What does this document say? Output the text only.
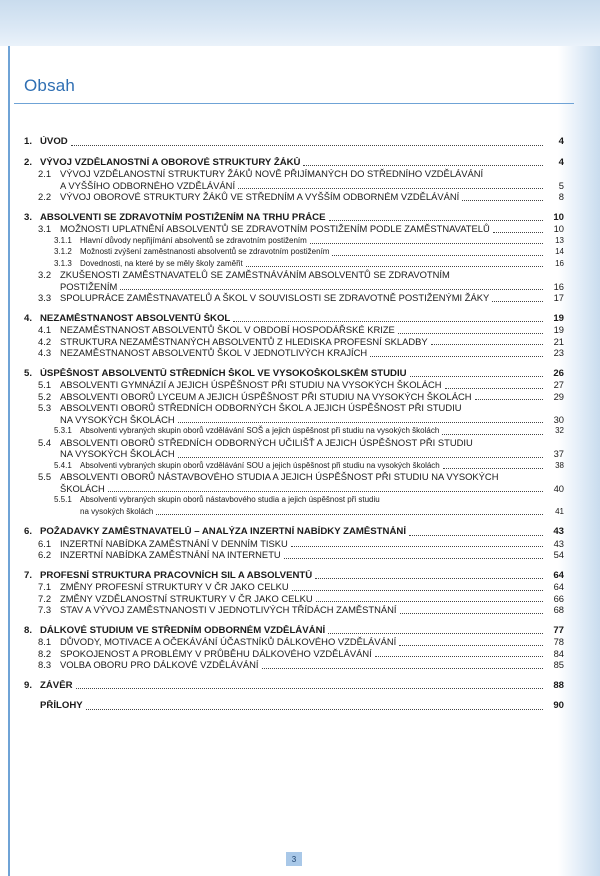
Obsah
1. ÚVOD	4
2. VÝVOJ VZDĚLANOSTNÍ A OBOROVÉ STRUKTURY ŽÁKŮ	4
2.1 VÝVOJ VZDĚLANOSTNÍ STRUKTURY ŽÁKŮ NOVĚ PŘIJÍMANÝCH DO STŘEDNÍHO VZDĚLÁVÁNÍ
A VYŠŠÍHO ODBORNÉHO VZDĚLÁVÁNÍ	5
2.2 VÝVOJ OBOROVÉ STRUKTURY ŽÁKŮ VE STŘEDNÍM A VYŠŠÍM ODBORNÉM VZDĚLÁVÁNÍ	8
3. ABSOLVENTI SE ZDRAVOTNÍM POSTIŽENÍM NA TRHU PRÁCE	10
3.1 MOŽNOSTI UPLATNĚNÍ ABSOLVENTŮ SE ZDRAVOTNÍM POSTIŽENÍM PODLE ZAMĚSTNAVATELŮ	10
3.1.1	Hlavní důvody nepřijímání absolventů se zdravotním postižením	13
3.1.2	Možnosti zvýšení zaměstnanosti absolventů se zdravotním postižením	14
3.1.3	Dovednosti, na které by se měly školy zaměřit	16
3.2 ZKUŠENOSTI ZAMĚSTNAVATELŮ SE ZAMĚSTNÁVÁNÍM ABSOLVENTŮ SE ZDRAVOTNÍM
POSTIŽENÍM	16
3.3 SPOLUPRÁCE ZAMĚSTNAVATELŮ A ŠKOL V SOUVISLOSTI SE ZDRAVOTNĚ POSTIŽENÝMI ŽÁKY	17
4. NEZAMĚSTNANOST ABSOLVENTŮ ŠKOL	19
4.1 NEZAMĚSTNANOST ABSOLVENTŮ ŠKOL V OBDOBÍ HOSPODÁŘSKÉ KRIZE	19
4.2 STRUKTURA NEZAMĚSTNANÝCH ABSOLVENTŮ Z HLEDISKA PROFESNÍ SKLADBY	21
4.3 NEZAMĚSTNANOST ABSOLVENTŮ ŠKOL V JEDNOTLIVÝCH KRAJÍCH	23
5. ÚSPĚŠNOST ABSOLVENTŮ STŘEDNÍCH ŠKOL VE VYSOKOŠKOLSKÉM STUDIU	26
5.1 ABSOLVENTI GYMNÁZIÍ A JEJICH ÚSPĚŠNOST PŘI STUDIU NA VYSOKÝCH ŠKOLÁCH	27
5.2 ABSOLVENTI OBORŮ LYCEUM A JEJICH ÚSPĚŠNOST PŘI STUDIU NA VYSOKÝCH ŠKOLÁCH	29
5.3 ABSOLVENTI OBORŮ STŘEDNÍCH ODBORNÝCH ŠKOL A JEJICH ÚSPĚŠNOST PŘI STUDIU
NA VYSOKÝCH ŠKOLÁCH	30
5.3.1	Absolventi vybraných skupin oborů vzdělávání SOŠ a jejich úspěšnost při studiu na vysokých školách	32
5.4 ABSOLVENTI OBORŮ STŘEDNÍCH ODBORNÝCH UČILIŠŤ A JEJICH ÚSPĚŠNOST PŘI STUDIU
NA VYSOKÝCH ŠKOLÁCH	37
5.4.1	Absolventi vybraných skupin oborů vzdělávání SOU a jejich úspěšnost při studiu na vysokých školách	38
5.5 ABSOLVENTI OBORŮ NÁSTAVBOVÉHO STUDIA A JEJICH ÚSPĚŠNOST PŘI STUDIU NA VYSOKÝCH
ŠKOLÁCH	40
5.5.1	Absolventi vybraných skupin oborů nástavbového studia a jejich úspěšnost při studiu
na vysokých školách	41
6. POŽADAVKY ZAMĚSTNAVATELŮ – ANALÝZA INZERTNÍ NABÍDKY ZAMĚSTNÁNÍ	43
6.1 INZERTNÍ NABÍDKA ZAMĚSTNÁNÍ V DENNÍM TISKU	43
6.2 INZERTNÍ NABÍDKA ZAMĚSTNÁNÍ NA INTERNETU	54
7. PROFESNÍ STRUKTURA PRACOVNÍCH SIL A ABSOLVENTŮ	64
7.1 ZMĚNY PROFESNÍ STRUKTURY V ČR JAKO CELKU	64
7.2 ZMĚNY VZDĚLANOSTNÍ STRUKTURY V ČR JAKO CELKU	66
7.3 STAV A VÝVOJ ZAMĚSTNANOSTI V JEDNOTLIVÝCH TŘÍDÁCH ZAMĚSTNÁNÍ	68
8. DÁLKOVÉ STUDIUM VE STŘEDNÍM ODBORNÉM VZDĚLÁVÁNÍ	77
8.1 DŮVODY, MOTIVACE A OČEKÁVÁNÍ ÚČASTNÍKŮ DÁLKOVÉHO VZDĚLÁVÁNÍ	78
8.2 SPOKOJENOST A PROBLÉMY V PRŮBĚHU DÁLKOVÉHO VZDĚLÁVÁNÍ	84
8.3 VOLBA OBORU PRO DÁLKOVÉ VZDĚLÁVÁNÍ	85
9. ZÁVĚR	88
PŘÍLOHY	90
3
